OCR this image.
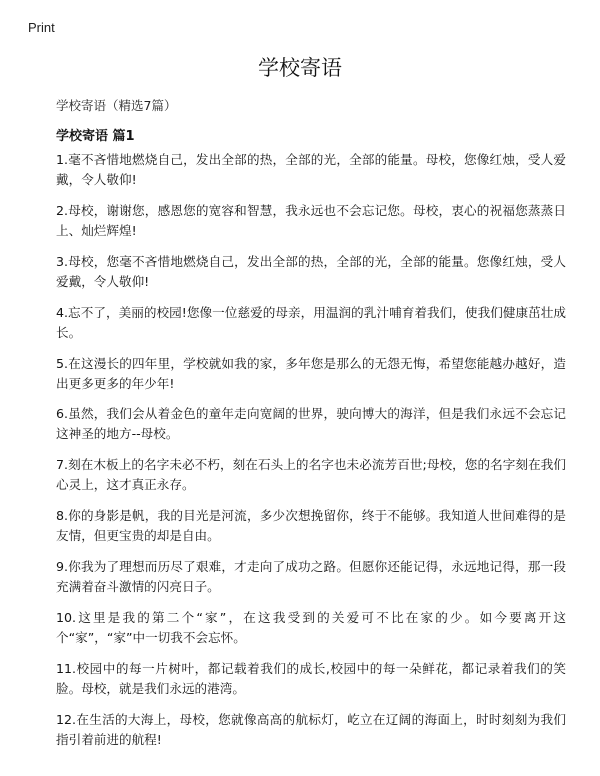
Print
学校寄语
学校寄语（精选7篇）
学校寄语 篇1
1.毫不吝惜地燃烧自己，发出全部的热，全部的光，全部的能量。母校，您像红烛，受人爱戴，令人敬仰!
2.母校，谢谢您，感恩您的宽容和智慧，我永远也不会忘记您。母校，衷心的祝福您蒸蒸日上、灿烂辉煌!
3.母校，您毫不吝惜地燃烧自己，发出全部的热，全部的光，全部的能量。您像红烛，受人爱戴，令人敬仰!
4.忘不了，美丽的校园!您像一位慈爱的母亲，用温润的乳汁哺育着我们，使我们健康茁壮成长。
5.在这漫长的四年里，学校就如我的家，多年您是那么的无怨无悔，希望您能越办越好，造出更多更多的年少年!
6.虽然，我们会从着金色的童年走向宽阔的世界，驶向博大的海洋，但是我们永远不会忘记这神圣的地方--母校。
7.刻在木板上的名字未必不朽，刻在石头上的名字也未必流芳百世;母校，您的名字刻在我们心灵上，这才真正永存。
8.你的身影是帆，我的目光是河流，多少次想挽留你，终于不能够。我知道人世间难得的是友情，但更宝贵的却是自由。
9.你我为了理想而历尽了艰难，才走向了成功之路。但愿你还能记得，永远地记得，那一段充满着奋斗激情的闪亮日子。
10.这里是我的第二个“家”，在这我受到的关爱可不比在家的少。如今要离开这个“家”，“家”中一切我不会忘怀。
11.校园中的每一片树叶，都记载着我们的成长,校园中的每一朵鲜花，都记录着我们的笑脸。母校，就是我们永远的港湾。
12.在生活的大海上，母校，您就像高高的航标灯，屹立在辽阔的海面上，时时刻刻为我们指引着前进的航程!
